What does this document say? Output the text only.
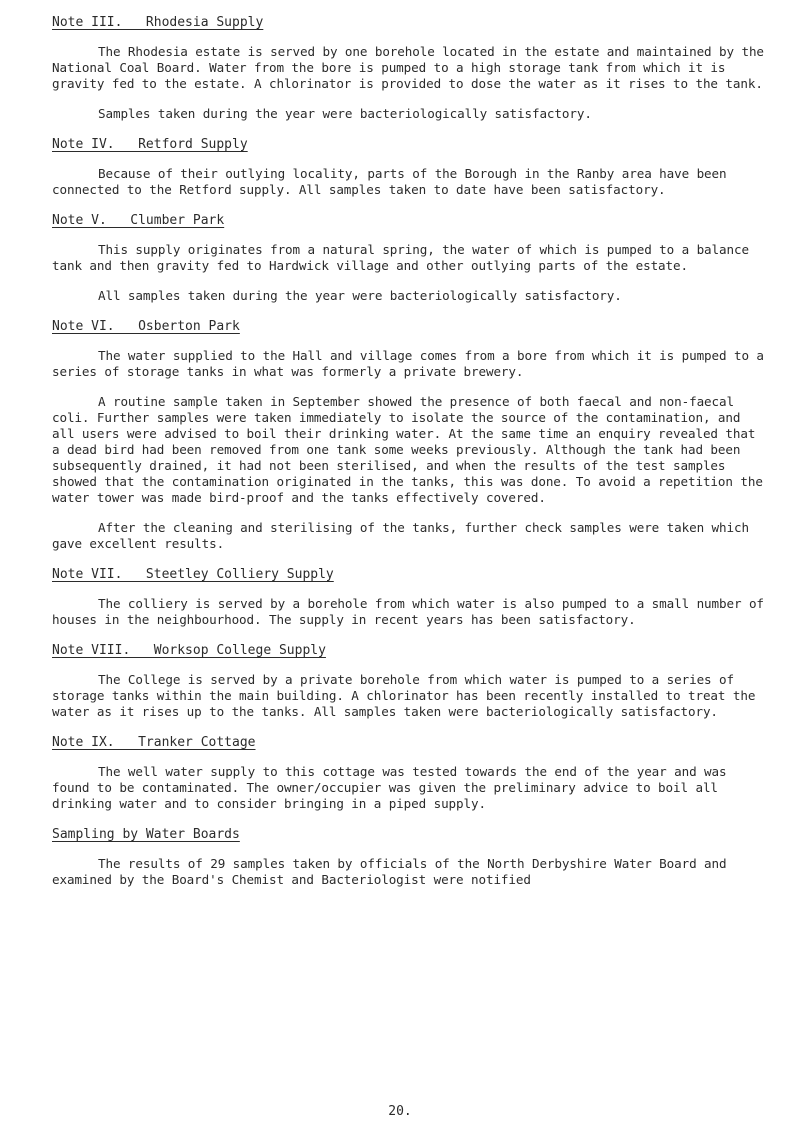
Note III.   Rhodesia Supply

The Rhodesia estate is served by one borehole located in the estate and maintained by the National Coal Board. Water from the bore is pumped to a high storage tank from which it is gravity fed to the estate. A chlorinator is provided to dose the water as it rises to the tank.

Samples taken during the year were bacteriologically satisfactory.

Note IV.   Retford Supply

Because of their outlying locality, parts of the Borough in the Ranby area have been connected to the Retford supply. All samples taken to date have been satisfactory.

Note V.   Clumber Park

This supply originates from a natural spring, the water of which is pumped to a balance tank and then gravity fed to Hardwick village and other outlying parts of the estate.

All samples taken during the year were bacteriologically satisfactory.

Note VI.   Osberton Park

The water supplied to the Hall and village comes from a bore from which it is pumped to a series of storage tanks in what was formerly a private brewery.

A routine sample taken in September showed the presence of both faecal and non-faecal coli. Further samples were taken immediately to isolate the source of the contamination, and all users were advised to boil their drinking water. At the same time an enquiry revealed that a dead bird had been removed from one tank some weeks previously. Although the tank had been subsequently drained, it had not been sterilised, and when the results of the test samples showed that the contamination originated in the tanks, this was done. To avoid a repetition the water tower was made bird-proof and the tanks effectively covered.

After the cleaning and sterilising of the tanks, further check samples were taken which gave excellent results.

Note VII.   Steetley Colliery Supply

The colliery is served by a borehole from which water is also pumped to a small number of houses in the neighbourhood. The supply in recent years has been satisfactory.

Note VIII.   Worksop College Supply

The College is served by a private borehole from which water is pumped to a series of storage tanks within the main building. A chlorinator has been recently installed to treat the water as it rises up to the tanks. All samples taken were bacteriologically satisfactory.

Note IX.   Tranker Cottage

The well water supply to this cottage was tested towards the end of the year and was found to be contaminated. The owner/occupier was given the preliminary advice to boil all drinking water and to consider bringing in a piped supply.

Sampling by Water Boards

The results of 29 samples taken by officials of the North Derbyshire Water Board and examined by the Board's Chemist and Bacteriologist were notified

20.
